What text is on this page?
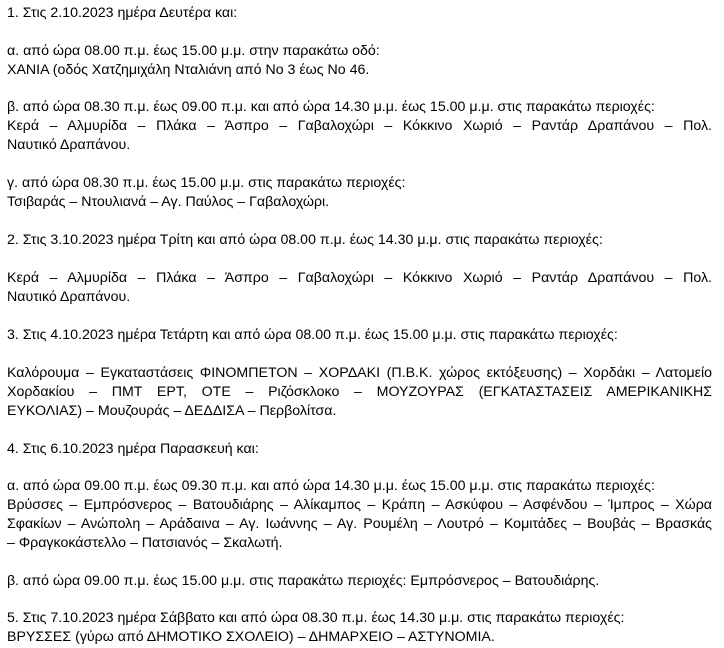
1. Στις 2.10.2023 ημέρα Δευτέρα και:
α. από ώρα 08.00 π.μ. έως 15.00 μ.μ. στην παρακάτω οδό:
ΧΑΝΙΑ (οδός Χατζημιχάλη Νταλιάνη από Νο 3 έως Νο 46.
β. από ώρα 08.30 π.μ. έως 09.00 π.μ. και από ώρα 14.30 μ.μ. έως 15.00 μ.μ. στις παρακάτω περιοχές:
Κερά – Αλμυρίδα – Πλάκα – Άσπρο – Γαβαλοχώρι – Κόκκινο Χωριό – Ραντάρ Δραπάνου – Πολ.
Ναυτικό Δραπάνου.
γ. από ώρα 08.30 π.μ. έως 15.00 μ.μ. στις παρακάτω περιοχές:
Τσιβαράς – Ντουλιανά – Αγ. Παύλος – Γαβαλοχώρι.
2. Στις 3.10.2023 ημέρα Τρίτη και από ώρα 08.00 π.μ. έως 14.30 μ.μ. στις παρακάτω περιοχές:
Κερά – Αλμυρίδα – Πλάκα – Άσπρο – Γαβαλοχώρι – Κόκκινο Χωριό – Ραντάρ Δραπάνου – Πολ.
Ναυτικό Δραπάνου.
3. Στις 4.10.2023 ημέρα Τετάρτη και από ώρα 08.00 π.μ. έως 15.00 μ.μ. στις παρακάτω περιοχές:
Καλόρουμα – Εγκαταστάσεις ΦΙΝΟΜΠΕΤΟΝ – ΧΟΡΔΑΚΙ (Π.Β.Κ. χώρος εκτόξευσης) – Χορδάκι – Λατομείο
Χορδακίου – ΠΜΤ ΕΡΤ, ΟΤΕ – Ριζόσκλοκο – ΜΟΥΖΟΥΡΑΣ (ΕΓΚΑΤΑΣΤΑΣΕΙΣ ΑΜΕΡΙΚΑΝΙΚΗΣ
ΕΥΚΟΛΙΑΣ) – Μουζουράς – ΔΕΔΔΙΣΑ – Περβολίτσα.
4. Στις 6.10.2023 ημέρα Παρασκευή και:
α. από ώρα 09.00 π.μ. έως 09.30 π.μ. και από ώρα 14.30 μ.μ. έως 15.00 μ.μ. στις παρακάτω περιοχές:
Βρύσσες – Εμπρόσνερος – Βατουδιάρης – Αλίκαμπος – Κράπη – Ασκύφου – Ασφένδου – Ίμπρος – Χώρα
Σφακίων – Ανώπολη – Αράδαινα – Αγ. Ιωάννης – Αγ. Ρουμέλη – Λουτρό – Κομιτάδες – Βουβάς – Βρασκάς
– Φραγκοκάστελλο – Πατσιανός – Σκαλωτή.
β. από ώρα 09.00 π.μ. έως 15.00 μ.μ. στις παρακάτω περιοχές: Εμπρόσνερος – Βατουδιάρης.
5. Στις 7.10.2023 ημέρα Σάββατο και από ώρα 08.30 π.μ. έως 14.30 μ.μ. στις παρακάτω περιοχές:
ΒΡΥΣΣΕΣ (γύρω από ΔΗΜΟΤΙΚΟ ΣΧΟΛΕΙΟ) – ΔΗΜΑΡΧΕΙΟ – ΑΣΤΥΝΟΜΙΑ.
